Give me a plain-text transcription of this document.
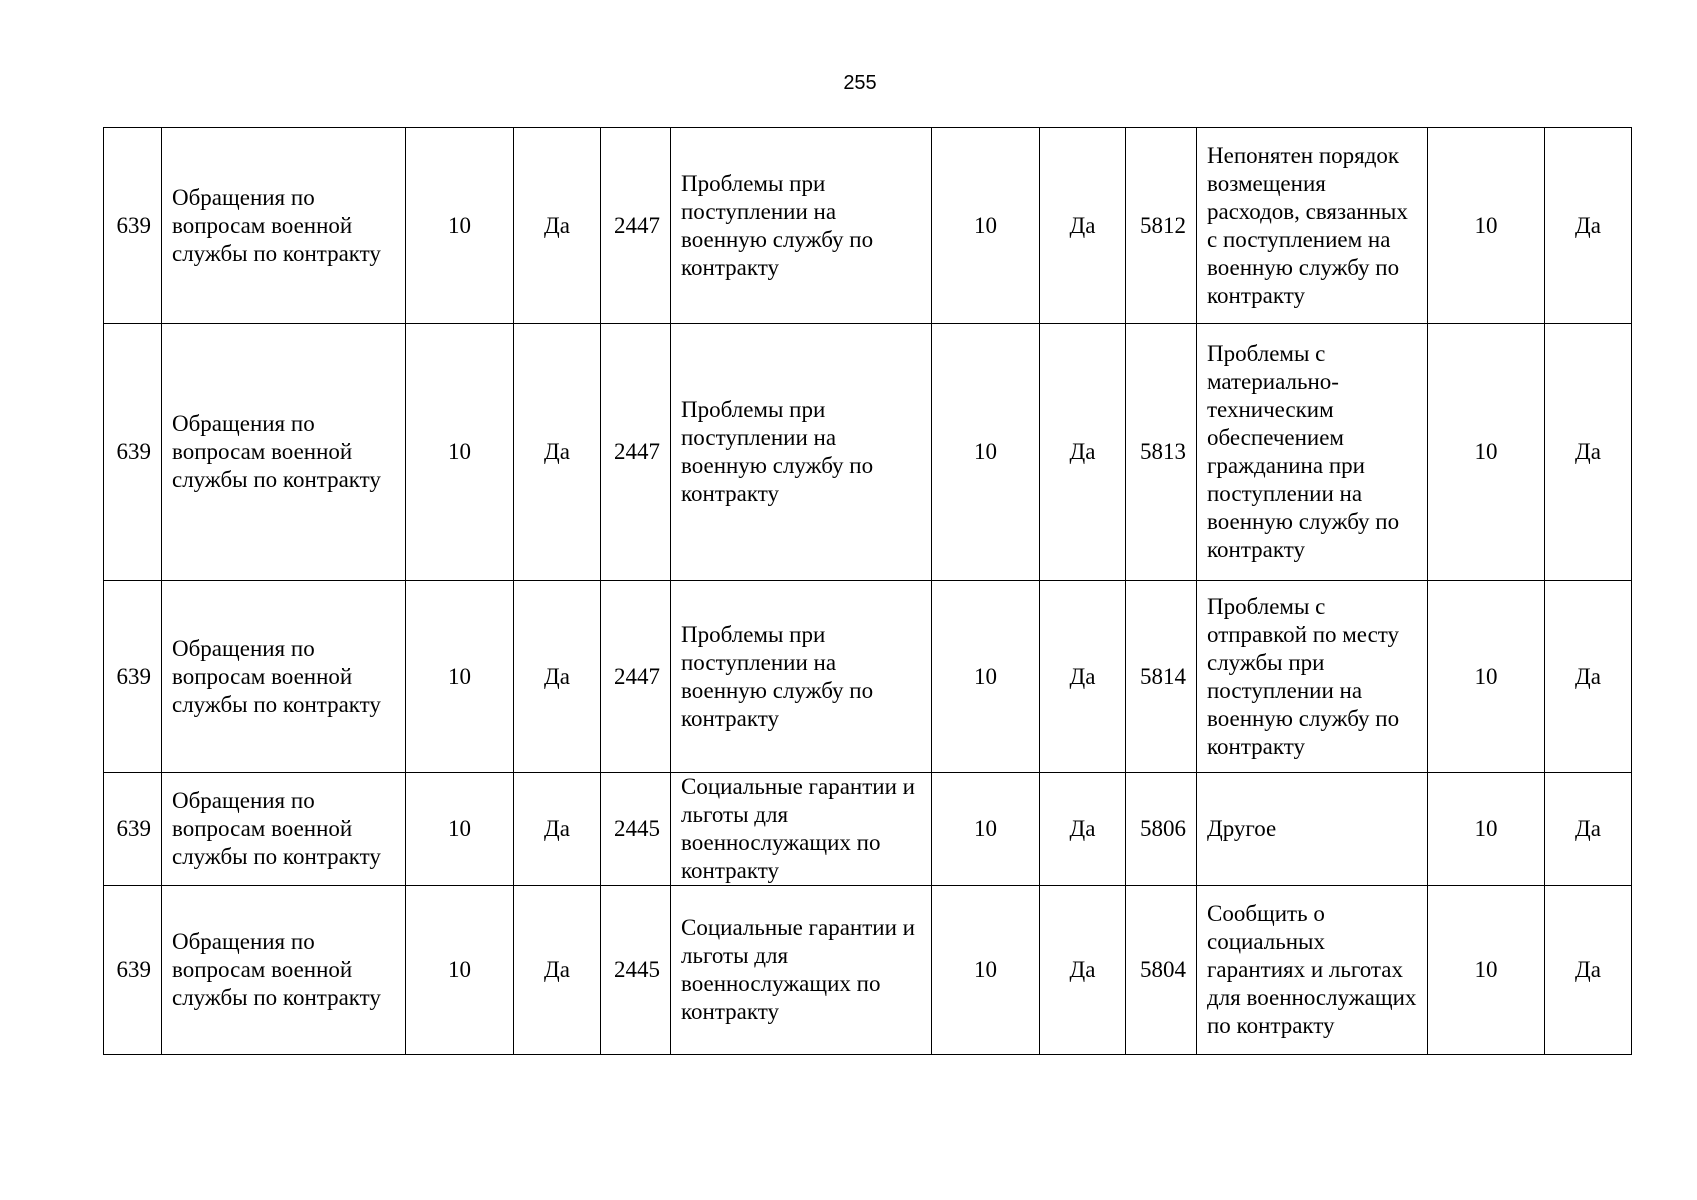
255
639	Обращения по вопросам военной службы по контракту	10	Да	2447	Проблемы при поступлении на военную службу по контракту	10	Да	5812	Непонятен порядок возмещения расходов, связанных с поступлением на военную службу по контракту	10	Да
639	Обращения по вопросам военной службы по контракту	10	Да	2447	Проблемы при поступлении на военную службу по контракту	10	Да	5813	Проблемы с материально-техническим обеспечением гражданина при поступлении на военную службу по контракту	10	Да
639	Обращения по вопросам военной службы по контракту	10	Да	2447	Проблемы при поступлении на военную службу по контракту	10	Да	5814	Проблемы с отправкой по месту службы при поступлении на военную службу по контракту	10	Да
639	Обращения по вопросам военной службы по контракту	10	Да	2445	Социальные гарантии и льготы для военнослужащих по контракту	10	Да	5806	Другое	10	Да
639	Обращения по вопросам военной службы по контракту	10	Да	2445	Социальные гарантии и льготы для военнослужащих по контракту	10	Да	5804	Сообщить о социальных гарантиях и льготах для военнослужащих по контракту	10	Да
